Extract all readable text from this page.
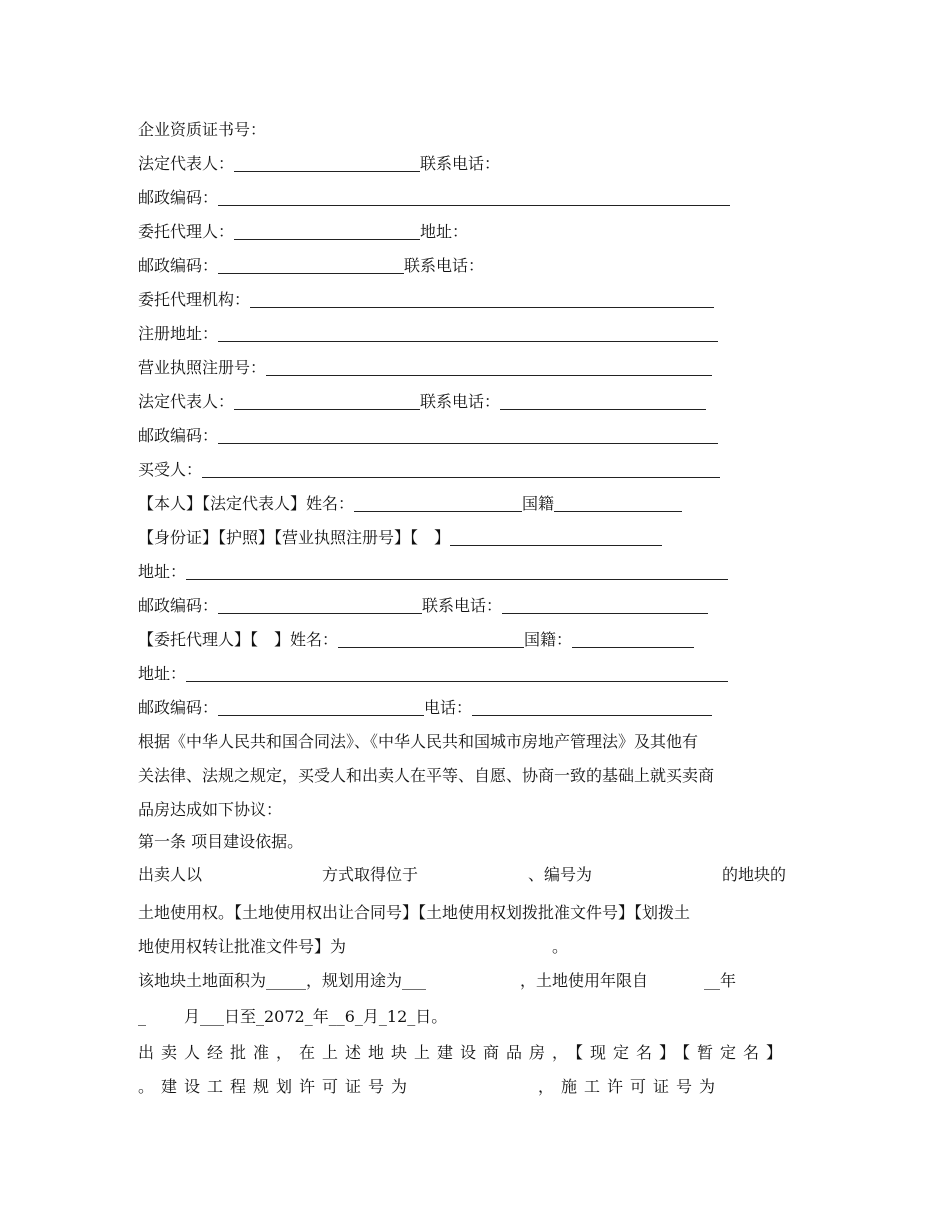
企业资质证书号：
法定代表人：	联系电话：
邮政编码：
委托代理人：	地址：
邮政编码：	联系电话：
委托代理机构：
注册地址：
营业执照注册号：
法定代表人：	联系电话：
邮政编码：
买受人：
【本人】【法定代表人】姓名：	国籍
【身份证】【护照】【营业执照注册号】【　】
地址：
邮政编码：	联系电话：
【委托代理人】【　】姓名：	国籍：
地址：
邮政编码：	电话：
根据《中华人民共和国合同法》、《中华人民共和国城市房地产管理法》及其他有
关法律、法规之规定，买受人和出卖人在平等、自愿、协商一致的基础上就买卖商
品房达成如下协议：
第一条 项目建设依据。
出卖人以	方式取得位于	、编号为	的地块的
土地使用权。【土地使用权出让合同号】【土地使用权划拨批准文件号】【划拨土
地使用权转让批准文件号】为	。
该地块土地面积为_____，规划用途为___	，土地使用年限自	__年
_ 月___日至_2072_年__6_月_12_日。
出卖人经批准，在上述地块上建设商品房，【现定名】【暂定名】
。建设工程规划许可证号为	，施工许可证号为
